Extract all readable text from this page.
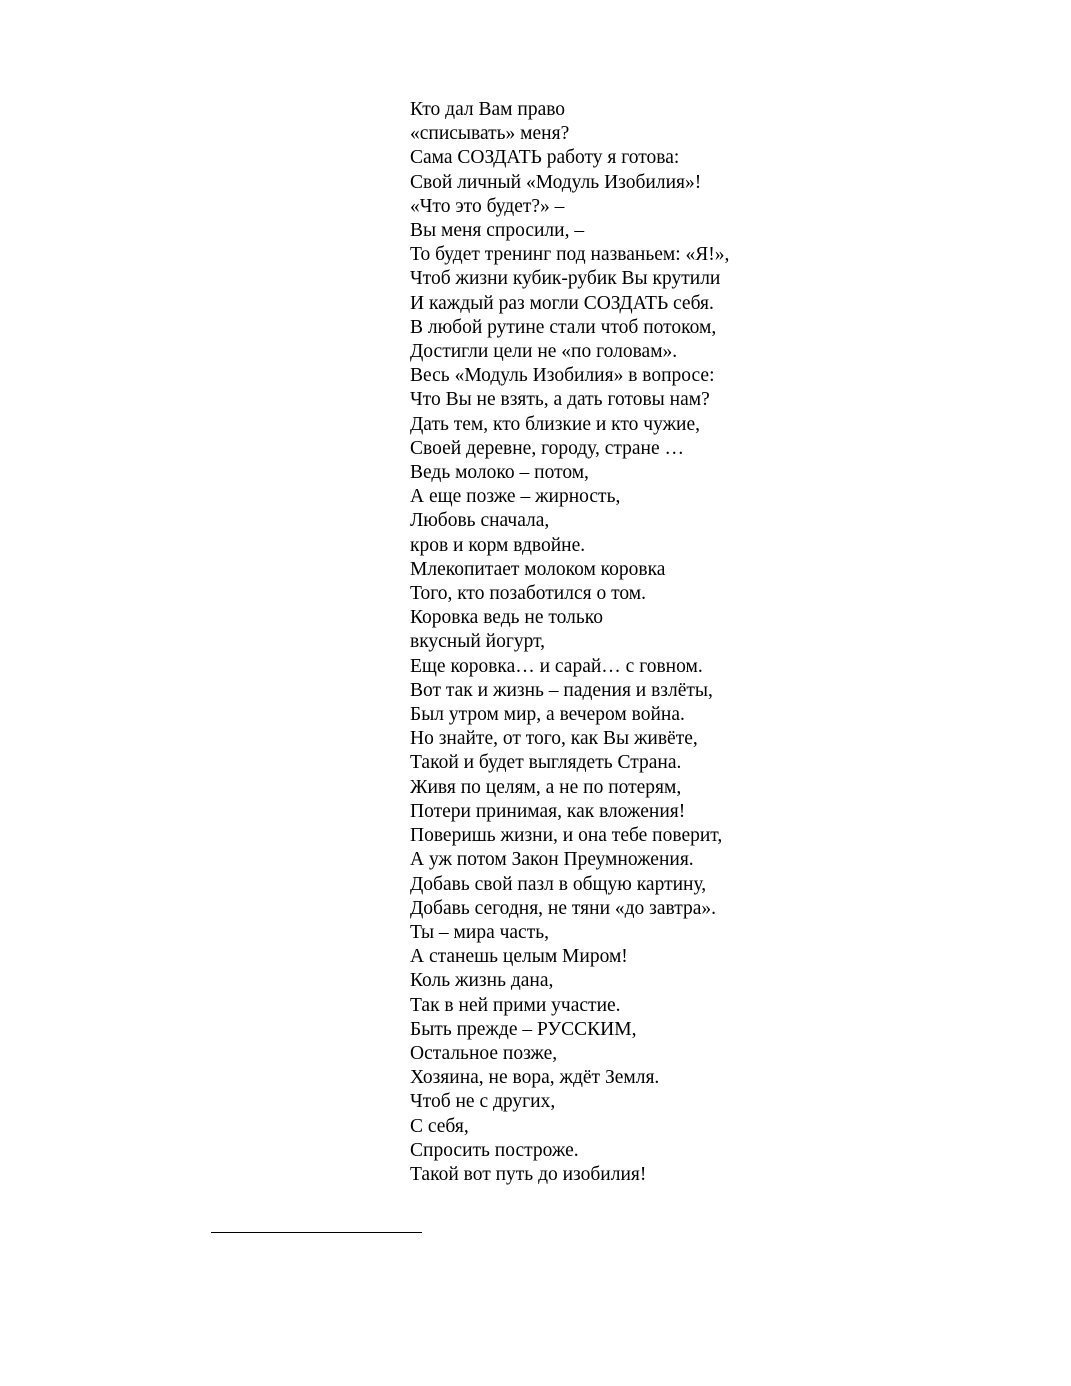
Кто дал Вам право
«списывать» меня?
Сама СОЗДАТЬ работу я готова:
Свой личный «Модуль Изобилия»!
«Что это будет?» –
Вы меня спросили, –
То будет тренинг под названьем: «Я!»,
Чтоб жизни кубик-рубик Вы крутили
И каждый раз могли СОЗДАТЬ себя.
В любой рутине стали чтоб потоком,
Достигли цели не «по головам».
Весь «Модуль Изобилия» в вопросе:
Что Вы не взять, а дать готовы нам?
Дать тем, кто близкие и кто чужие,
Своей деревне, городу, стране …
Ведь молоко – потом,
А еще позже – жирность,
Любовь сначала,
кров и корм вдвойне.
Млекопитает молоком коровка
Того, кто позаботился о том.
Коровка ведь не только
вкусный йогурт,
Еще коровка… и сарай… с говном.
Вот так и жизнь – падения и взлёты,
Был утром мир, а вечером война.
Но знайте, от того, как Вы живёте,
Такой и будет выглядеть Страна.
Живя по целям, а не по потерям,
Потери принимая, как вложения!
Поверишь жизни, и она тебе поверит,
А уж потом Закон Преумножения.
Добавь свой пазл в общую картину,
Добавь сегодня, не тяни «до завтра».
Ты – мира часть,
А станешь целым Миром!
Коль жизнь дана,
Так в ней прими участие.
Быть прежде – РУССКИМ,
Остальное позже,
Хозяина, не вора, ждёт Земля.
Чтоб не с других,
С себя,
Спросить построже.
Такой вот путь до изобилия!
